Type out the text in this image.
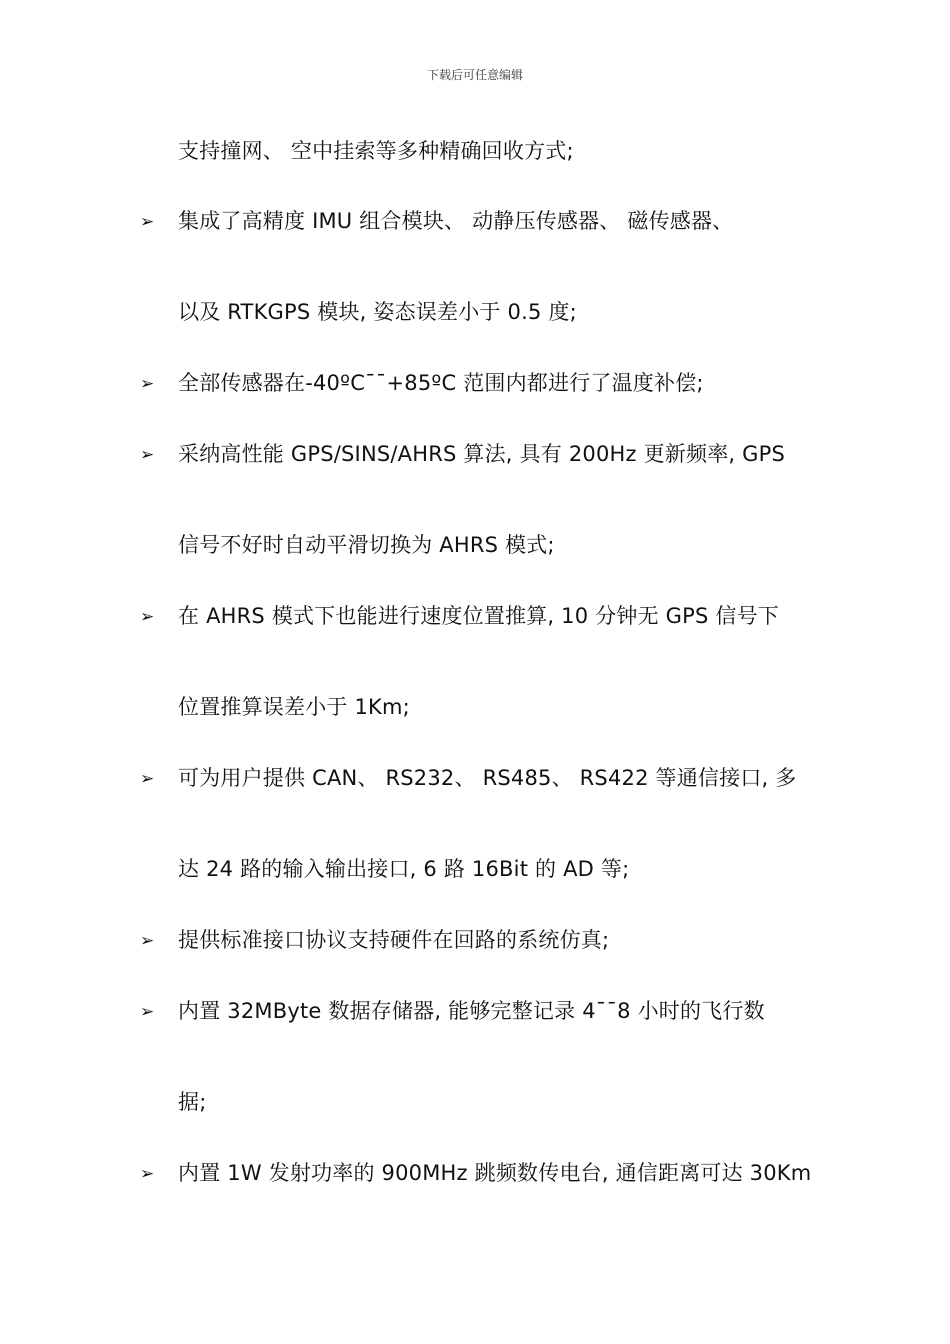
下载后可任意编辑
支持撞网、 空中挂索等多种精确回收方式;
➢ 集成了高精度 IMU 组合模块、 动静压传感器、 磁传感器、
以及 RTKGPS 模块, 姿态误差小于 0.5 度;
➢ 全部传感器在-40ºC¯¯+85ºC 范围内都进行了温度补偿;
➢ 采纳高性能 GPS/SINS/AHRS 算法, 具有 200Hz 更新频率, GPS
信号不好时自动平滑切换为 AHRS 模式;
➢ 在 AHRS 模式下也能进行速度位置推算, 10 分钟无 GPS 信号下
位置推算误差小于 1Km;
➢ 可为用户提供 CAN、 RS232、 RS485、 RS422 等通信接口, 多
达 24 路的输入输出接口, 6 路 16Bit 的 AD 等;
➢ 提供标准接口协议支持硬件在回路的系统仿真;
➢ 内置 32MByte 数据存储器, 能够完整记录 4¯¯8 小时的飞行数
据;
➢ 内置 1W 发射功率的 900MHz 跳频数传电台, 通信距离可达 30Km
